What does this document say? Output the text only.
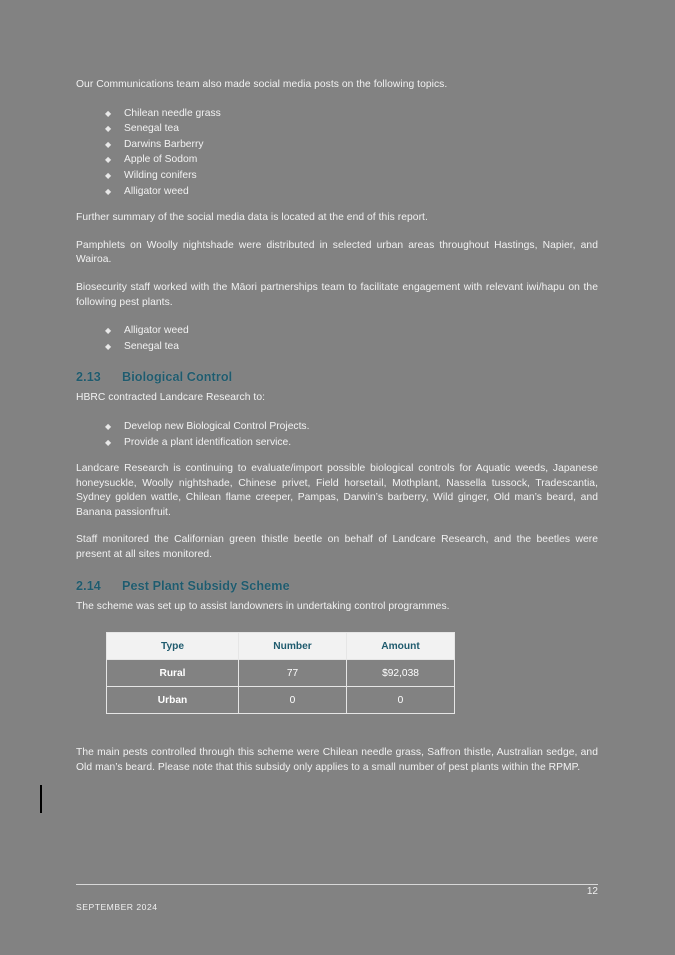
Our Communications team also made social media posts on the following topics.

◆ Chilean needle grass
◆ Senegal tea
◆ Darwins Barberry
◆ Apple of Sodom
◆ Wilding conifers
◆ Alligator weed

Further summary of the social media data is located at the end of this report.

Pamphlets on Woolly nightshade were distributed in selected urban areas throughout Hastings, Napier, and Wairoa.

Biosecurity staff worked with the Māori partnerships team to facilitate engagement with relevant iwi/hapu on the following pest plants.

◆ Alligator weed
◆ Senegal tea
2.13 Biological Control

HBRC contracted Landcare Research to:

◆ Develop new Biological Control Projects.
◆ Provide a plant identification service.

Landcare Research is continuing to evaluate/import possible biological controls for Aquatic weeds, Japanese honeysuckle, Woolly nightshade, Chinese privet, Field horsetail, Mothplant, Nassella tussock, Tradescantia, Sydney golden wattle, Chilean flame creeper, Pampas, Darwin’s barberry, Wild ginger, Old man’s beard, and Banana passionfruit.

Staff monitored the Californian green thistle beetle on behalf of Landcare Research, and the beetles were present at all sites monitored.

2.14 Pest Plant Subsidy Scheme

The scheme was set up to assist landowners in undertaking control programmes.

Type	Number	Amount
Rural	77	$92,038
Urban	0	0

The main pests controlled through this scheme were Chilean needle grass, Saffron thistle, Australian sedge, and Old man’s beard. Please note that this subsidy only applies to a small number of pest plants within the RPMP.

12
SEPTEMBER 2024
